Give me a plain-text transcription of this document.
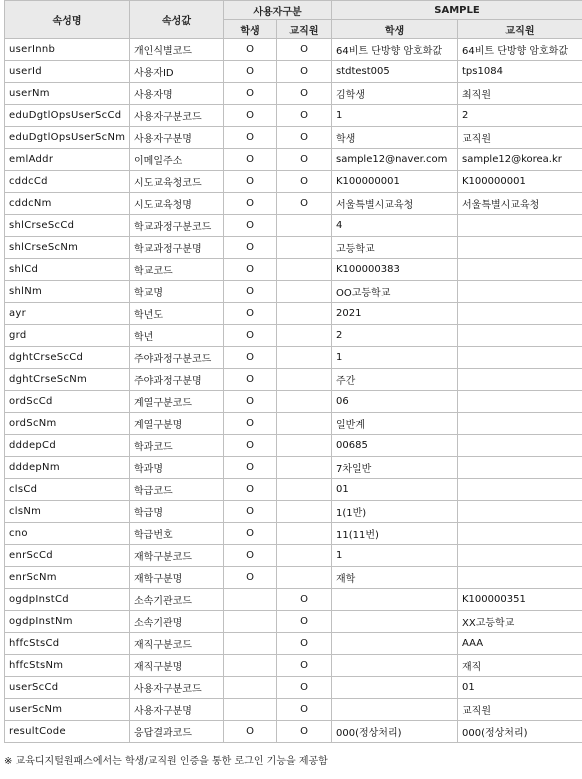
속성명	속성값	사용자구분		SAMPLE	
		학생	교직원	학생	교직원
userInnb	개인식별코드	O	O	64비트 단방향 암호화값	64비트 단방향 암호화값
userId	사용자ID	O	O	stdtest005	tps1084
userNm	사용자명	O	O	김학생	최직원
eduDgtlOpsUserScCd	사용자구분코드	O	O	1	2
eduDgtlOpsUserScNm	사용자구분명	O	O	학생	교직원
emlAddr	이메일주소	O	O	sample12@naver.com	sample12@korea.kr
cddcCd	시도교육청코드	O	O	K100000001	K100000001
cddcNm	시도교육청명	O	O	서울특별시교육청	서울특별시교육청
shlCrseScCd	학교과정구분코드	O		4	
shlCrseScNm	학교과정구분명	O		고등학교	
shlCd	학교코드	O		K100000383	
shlNm	학교명	O		OO고등학교	
ayr	학년도	O		2021	
grd	학년	O		2	
dghtCrseScCd	주야과정구분코드	O		1	
dghtCrseScNm	주야과정구분명	O		주간	
ordScCd	계열구분코드	O		06	
ordScNm	계열구분명	O		일반계	
dddepCd	학과코드	O		00685	
dddepNm	학과명	O		7차일반	
clsCd	학급코드	O		01	
clsNm	학급명	O		1(1반)	
cno	학급번호	O		11(11번)	
enrScCd	재학구분코드	O		1	
enrScNm	재학구분명	O		재학	
ogdpInstCd	소속기관코드		O		K100000351
ogdpInstNm	소속기관명		O		XX고등학교
hffcStsCd	재직구분코드		O		AAA
hffcStsNm	재직구분명		O		재직
userScCd	사용자구분코드		O		01
userScNm	사용자구분명		O		교직원
resultCode	응답결과코드	O	O	000(정상처리)	000(정상처리)
※ 교육디지털원패스에서는 학생/교직원 인증을 통한 로그인 기능을 제공함
